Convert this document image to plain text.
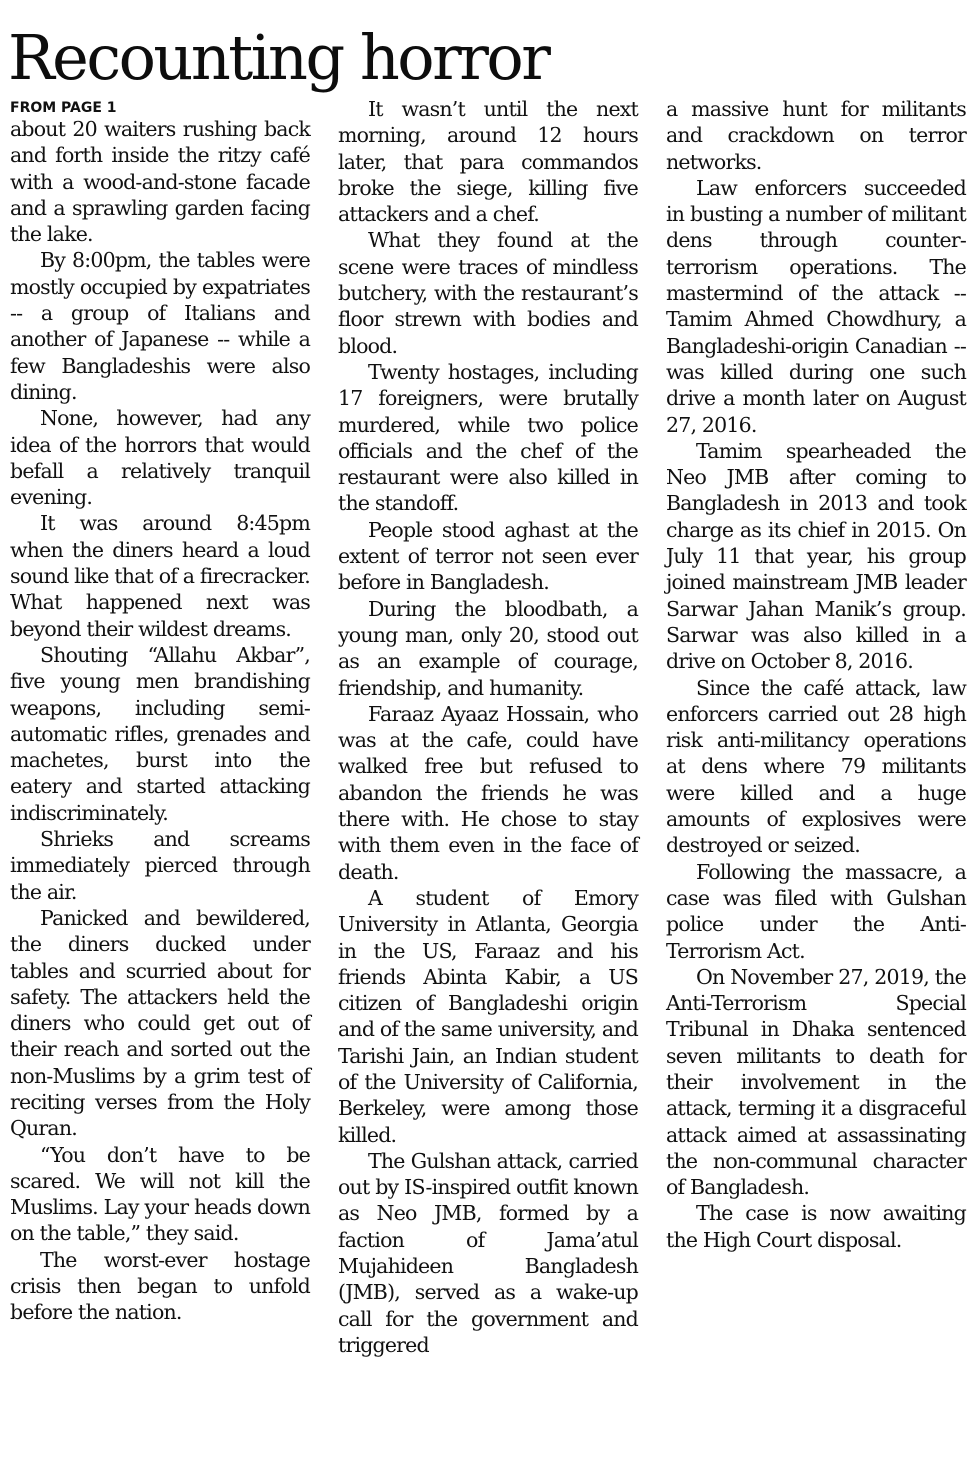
Recounting horror
FROM PAGE 1

about 20 waiters rushing back and forth inside the ritzy café with a wood-and-stone facade and a sprawling garden facing the lake.

By 8:00pm, the tables were mostly occupied by expatriates -- a group of Italians and another of Japanese -- while a few Bangladeshis were also dining.

None, however, had any idea of the horrors that would befall a relatively tranquil evening.

It was around 8:45pm when the diners heard a loud sound like that of a firecracker. What happened next was beyond their wildest dreams.

Shouting “Allahu Akbar”, five young men brandishing weapons, including semi-automatic rifles, grenades and machetes, burst into the eatery and started attacking indiscriminately.

Shrieks and screams immediately pierced through the air.

Panicked and bewildered, the diners ducked under tables and scurried about for safety. The attackers held the diners who could get out of their reach and sorted out the non-Muslims by a grim test of reciting verses from the Holy Quran.

“You don’t have to be scared. We will not kill the Muslims. Lay your heads down on the table,” they said.

The worst-ever hostage crisis then began to unfold before the nation.

It wasn’t until the next morning, around 12 hours later, that para commandos broke the siege, killing five attackers and a chef.

What they found at the scene were traces of mindless butchery, with the restaurant’s floor strewn with bodies and blood.

Twenty hostages, including 17 foreigners, were brutally murdered, while two police officials and the chef of the restaurant were also killed in the standoff.

People stood aghast at the extent of terror not seen ever before in Bangladesh.

During the bloodbath, a young man, only 20, stood out as an example of courage, friendship, and humanity.

Faraaz Ayaaz Hossain, who was at the cafe, could have walked free but refused to abandon the friends he was there with. He chose to stay with them even in the face of death.

A student of Emory University in Atlanta, Georgia in the US, Faraaz and his friends Abinta Kabir, a US citizen of Bangladeshi origin and of the same university, and Tarishi Jain, an Indian student of the University of California, Berkeley, were among those killed.

The Gulshan attack, carried out by IS-inspired outfit known as Neo JMB, formed by a faction of Jama’atul Mujahideen Bangladesh (JMB), served as a wake-up call for the government and triggered

a massive hunt for militants and crackdown on terror networks.

Law enforcers succeeded in busting a number of militant dens through counter-terrorism operations. The mastermind of the attack -- Tamim Ahmed Chowdhury, a Bangladeshi-origin Canadian -- was killed during one such drive a month later on August 27, 2016.

Tamim spearheaded the Neo JMB after coming to Bangladesh in 2013 and took charge as its chief in 2015. On July 11 that year, his group joined mainstream JMB leader Sarwar Jahan Manik’s group. Sarwar was also killed in a drive on October 8, 2016.

Since the café attack, law enforcers carried out 28 high risk anti-militancy operations at dens where 79 militants were killed and a huge amounts of explosives were destroyed or seized.

Following the massacre, a case was filed with Gulshan police under the Anti-Terrorism Act.

On November 27, 2019, the Anti-Terrorism Special Tribunal in Dhaka sentenced seven militants to death for their involvement in the attack, terming it a disgraceful attack aimed at assassinating the non-communal character of Bangladesh.

The case is now awaiting the High Court disposal.
